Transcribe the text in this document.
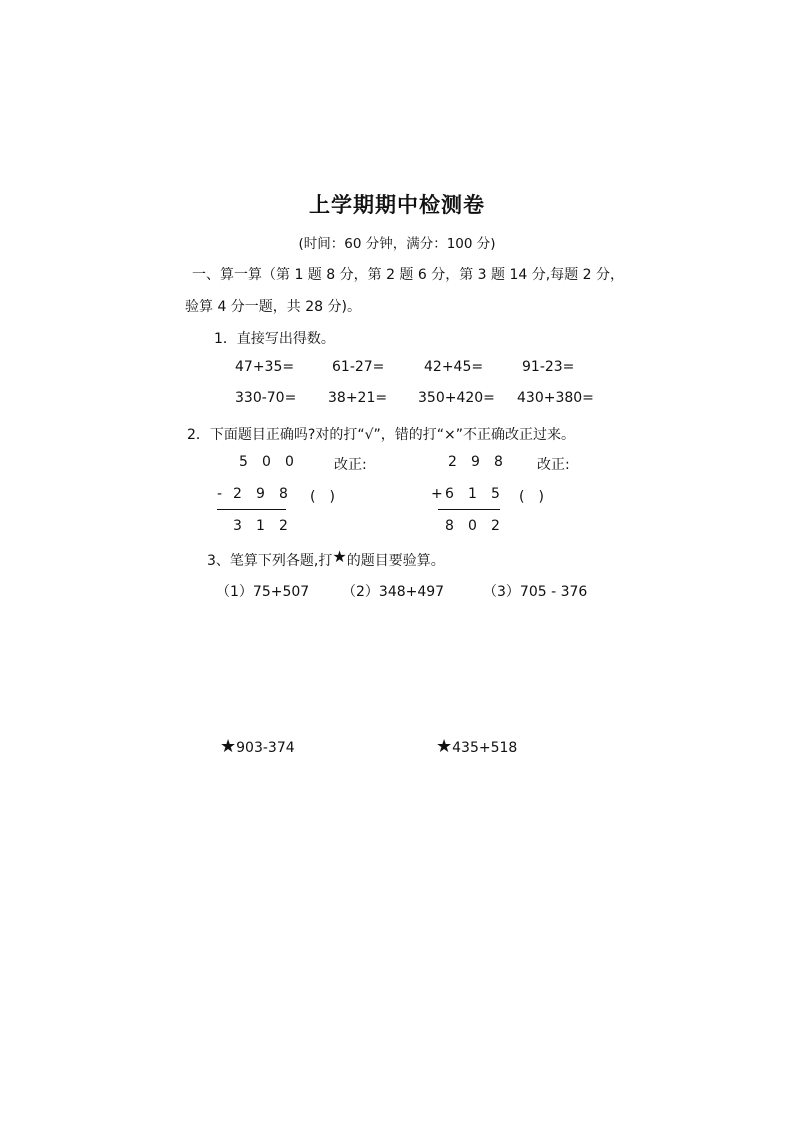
上学期期中检测卷
(时间：60 分钟，满分：100 分)
一、算一算（第 1 题 8 分，第 2 题 6 分，第 3 题 14 分,每题 2 分，
验算 4 分一题，共 28 分)。
1．直接写出得数。
47+35=	61-27=	42+45=	91-23=
330-70= 38+21= 350+420= 430+380=
2．下面题目正确吗?对的打“√”，错的打“×”不正确改正过来。
5 0 0	改正:
- 2 9 8	(　)
3 1 2
2 9 8	改正:
+ 6 1 5	(　)
8 0 2
3、笔算下列各题,打★的题目要验算。
（1）75+507 （2）348+497	（3）705 - 376
★903-374	★435+518
